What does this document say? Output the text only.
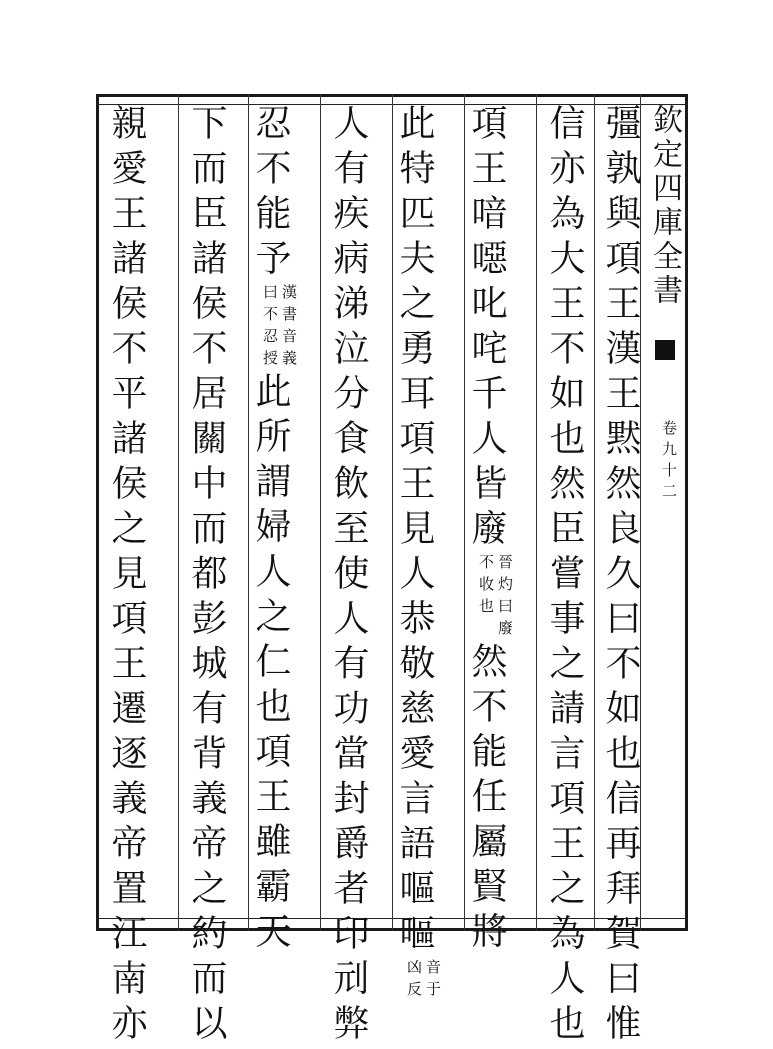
欽定四庫全書
卷九十二
彊孰與項王漢王黙然良久曰不如也信再拜賀曰惟
信亦為大王不如也然臣嘗事之請言項王之為人也
項王喑噁叱咤千人皆廢
晉灼曰廢
不收也
然不能任屬賢將
此特匹夫之勇耳項王見人恭敬慈愛言語嘔嘔
音于
凶反
人有疾病涕泣分食飲至使人有功當封爵者印刓弊
忍不能予
漢書音義
曰不忍授
此所謂婦人之仁也項王雖霸天
下而臣諸侯不居關中而都彭城有背義帝之約而以
親愛王諸侯不平諸侯之見項王遷逐義帝置江南亦
